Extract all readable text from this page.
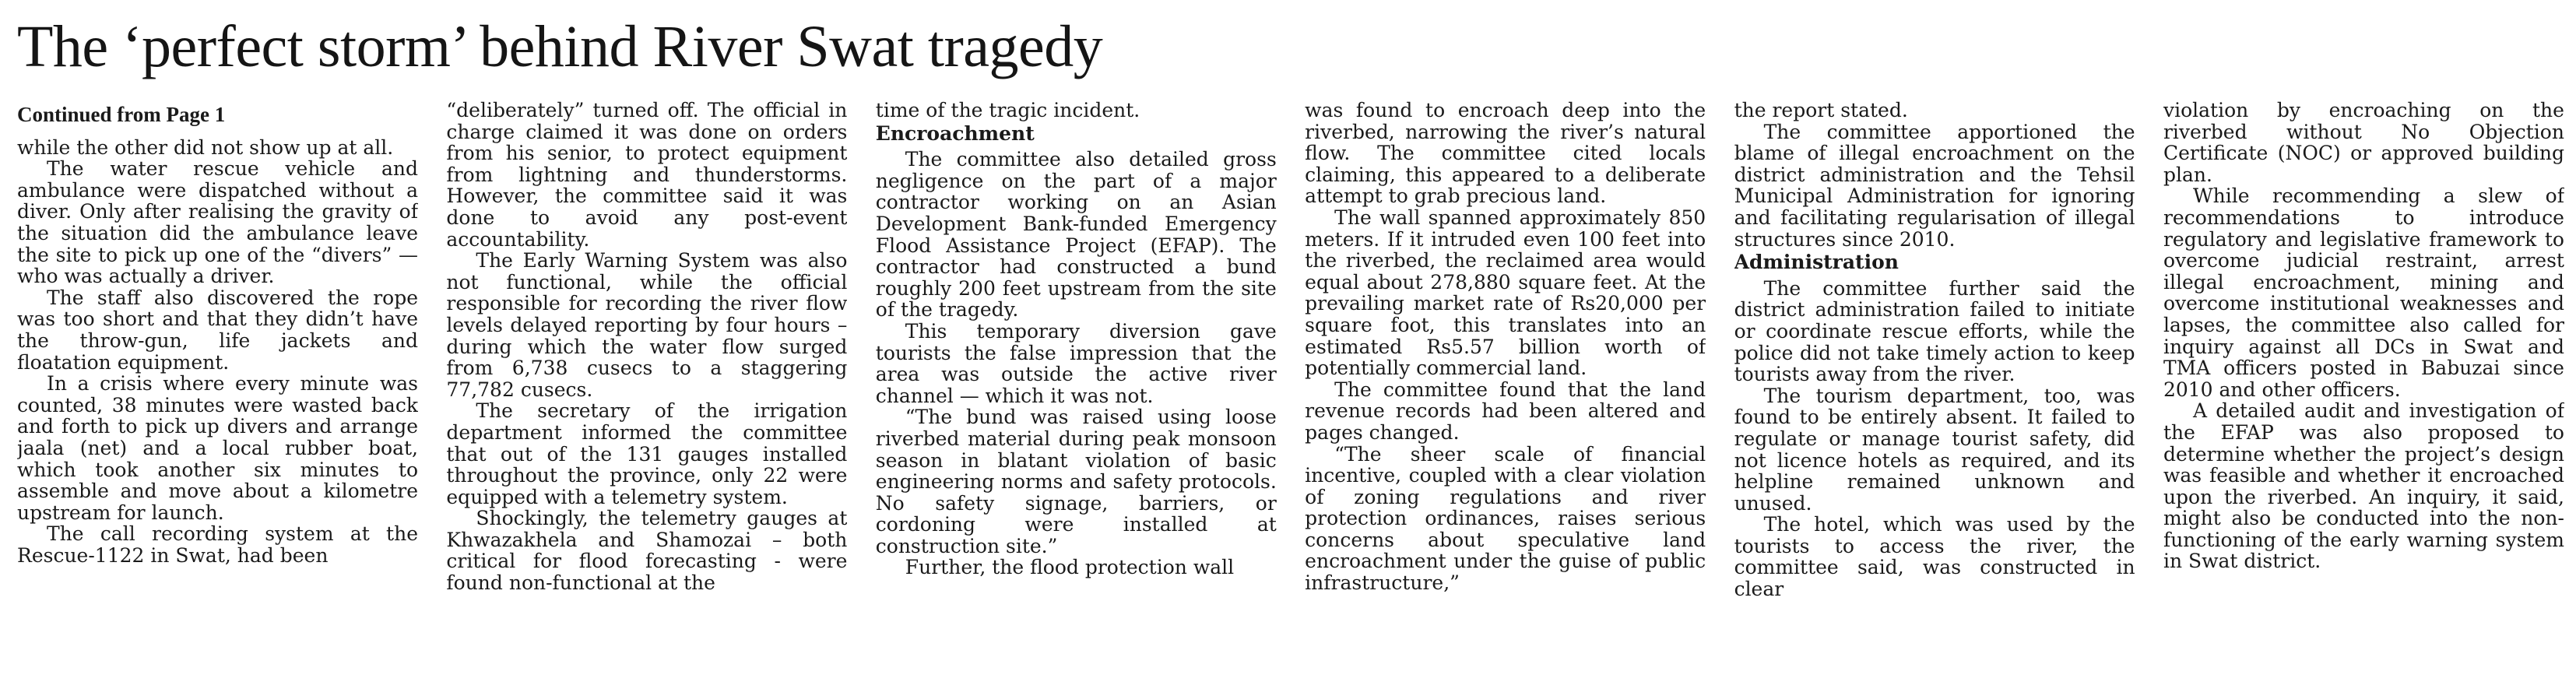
The ‘perfect storm’ behind River Swat tragedy
Continued from Page 1

while the other did not show up at all.

The water rescue vehicle and ambulance were dispatched without a diver. Only after realising the gravity of the situation did the ambulance leave the site to pick up one of the “divers” — who was actually a driver.

The staff also discovered the rope was too short and that they didn’t have the throw-gun, life jackets and floatation equipment.

In a crisis where every minute was counted, 38 minutes were wasted back and forth to pick up divers and arrange jaala (net) and a local rubber boat, which took another six minutes to assemble and move about a kilometre upstream for launch.

The call recording system at the Rescue-1122 in Swat, had been

“deliberately” turned off. The official in charge claimed it was done on orders from his senior, to protect equipment from lightning and thunderstorms. However, the committee said it was done to avoid any post-event accountability.

The Early Warning System was also not functional, while the official responsible for recording the river flow levels delayed reporting by four hours – during which the water flow surged from 6,738 cusecs to a staggering 77,782 cusecs.

The secretary of the irrigation department informed the committee that out of the 131 gauges installed throughout the province, only 22 were equipped with a telemetry system.

Shockingly, the telemetry gauges at Khwazakhela and Shamozai – both critical for flood forecasting - were found non-functional at the

time of the tragic incident.

Encroachment

The committee also detailed gross negligence on the part of a major contractor working on an Asian Development Bank-funded Emergency Flood Assistance Project (EFAP). The contractor had constructed a bund roughly 200 feet upstream from the site of the tragedy.

This temporary diversion gave tourists the false impression that the area was outside the active river channel — which it was not.

“The bund was raised using loose riverbed material during peak monsoon season in blatant violation of basic engineering norms and safety protocols. No safety signage, barriers, or cordoning were installed at construction site.”

Further, the flood protection wall

was found to encroach deep into the riverbed, narrowing the river’s natural flow. The committee cited locals claiming, this appeared to a deliberate attempt to grab precious land.

The wall spanned approximately 850 meters. If it intruded even 100 feet into the riverbed, the reclaimed area would equal about 278,880 square feet. At the prevailing market rate of Rs20,000 per square foot, this translates into an estimated Rs5.57 billion worth of potentially commercial land.

The committee found that the land revenue records had been altered and pages changed.

“The sheer scale of financial incentive, coupled with a clear violation of zoning regulations and river protection ordinances, raises serious concerns about speculative land encroachment under the guise of public infrastructure,”

the report stated.

The committee apportioned the blame of illegal encroachment on the district administration and the Tehsil Municipal Administration for ignoring and facilitating regularisation of illegal structures since 2010.

Administration

The committee further said the district administration failed to initiate or coordinate rescue efforts, while the police did not take timely action to keep tourists away from the river.

The tourism department, too, was found to be entirely absent. It failed to regulate or manage tourist safety, did not licence hotels as required, and its helpline remained unknown and unused.

The hotel, which was used by the tourists to access the river, the committee said, was constructed in clear

violation by encroaching on the riverbed without No Objection Certificate (NOC) or approved building plan.

While recommending a slew of recommendations to introduce regulatory and legislative framework to overcome judicial restraint, arrest illegal encroachment, mining and overcome institutional weaknesses and lapses, the committee also called for inquiry against all DCs in Swat and TMA officers posted in Babuzai since 2010 and other officers.

A detailed audit and investigation of the EFAP was also proposed to determine whether the project’s design was feasible and whether it encroached upon the riverbed. An inquiry, it said, might also be conducted into the non-functioning of the early warning system in Swat district.
